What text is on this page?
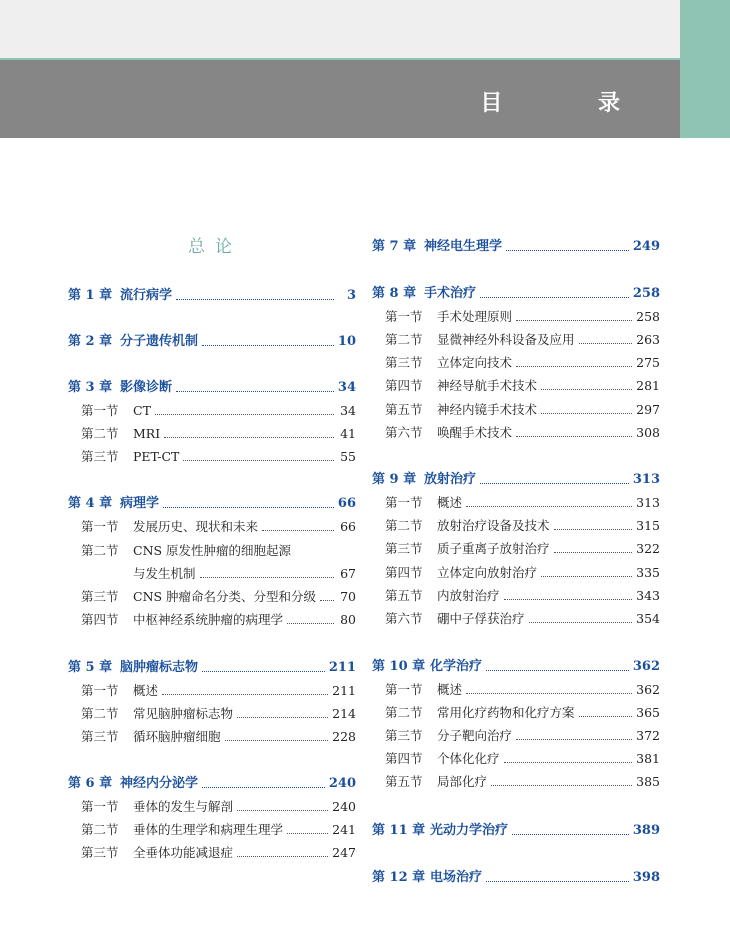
目 录
总论
第 1 章 流行病学	3
第 2 章 分子遗传机制	10
第 3 章 影像诊断	34
第一节	CT	34
第二节	MRI	41
第三节	PET-CT	55
第 4 章 病理学	66
第一节	发展历史、现状和未来	66
第二节	CNS 原发性肿瘤的细胞起源
与发生机制	67
第三节	CNS 肿瘤命名分类、分型和分级 70
第四节	中枢神经系统肿瘤的病理学	80
第 5 章 脑肿瘤标志物	211
第一节	概述	211
第二节	常见脑肿瘤标志物	214
第三节	循环脑肿瘤细胞	228
第 6 章 神经内分泌学	240
第一节	垂体的发生与解剖	240
第二节	垂体的生理学和病理生理学	241
第三节	全垂体功能减退症	247
第 7 章 神经电生理学	249
第 8 章 手术治疗	258
第一节	手术处理原则	258
第二节	显微神经外科设备及应用	263
第三节	立体定向技术	275
第四节	神经导航手术技术	281
第五节	神经内镜手术技术	297
第六节	唤醒手术技术	308
第 9 章 放射治疗	313
第一节	概述	313
第二节	放射治疗设备及技术	315
第三节	质子重离子放射治疗	322
第四节	立体定向放射治疗	335
第五节	内放射治疗	343
第六节	硼中子俘获治疗	354
第 10 章 化学治疗	362
第一节	概述	362
第二节	常用化疗药物和化疗方案	365
第三节	分子靶向治疗	372
第四节	个体化化疗	381
第五节	局部化疗	385
第 11 章 光动力学治疗	389
第 12 章 电场治疗	398
